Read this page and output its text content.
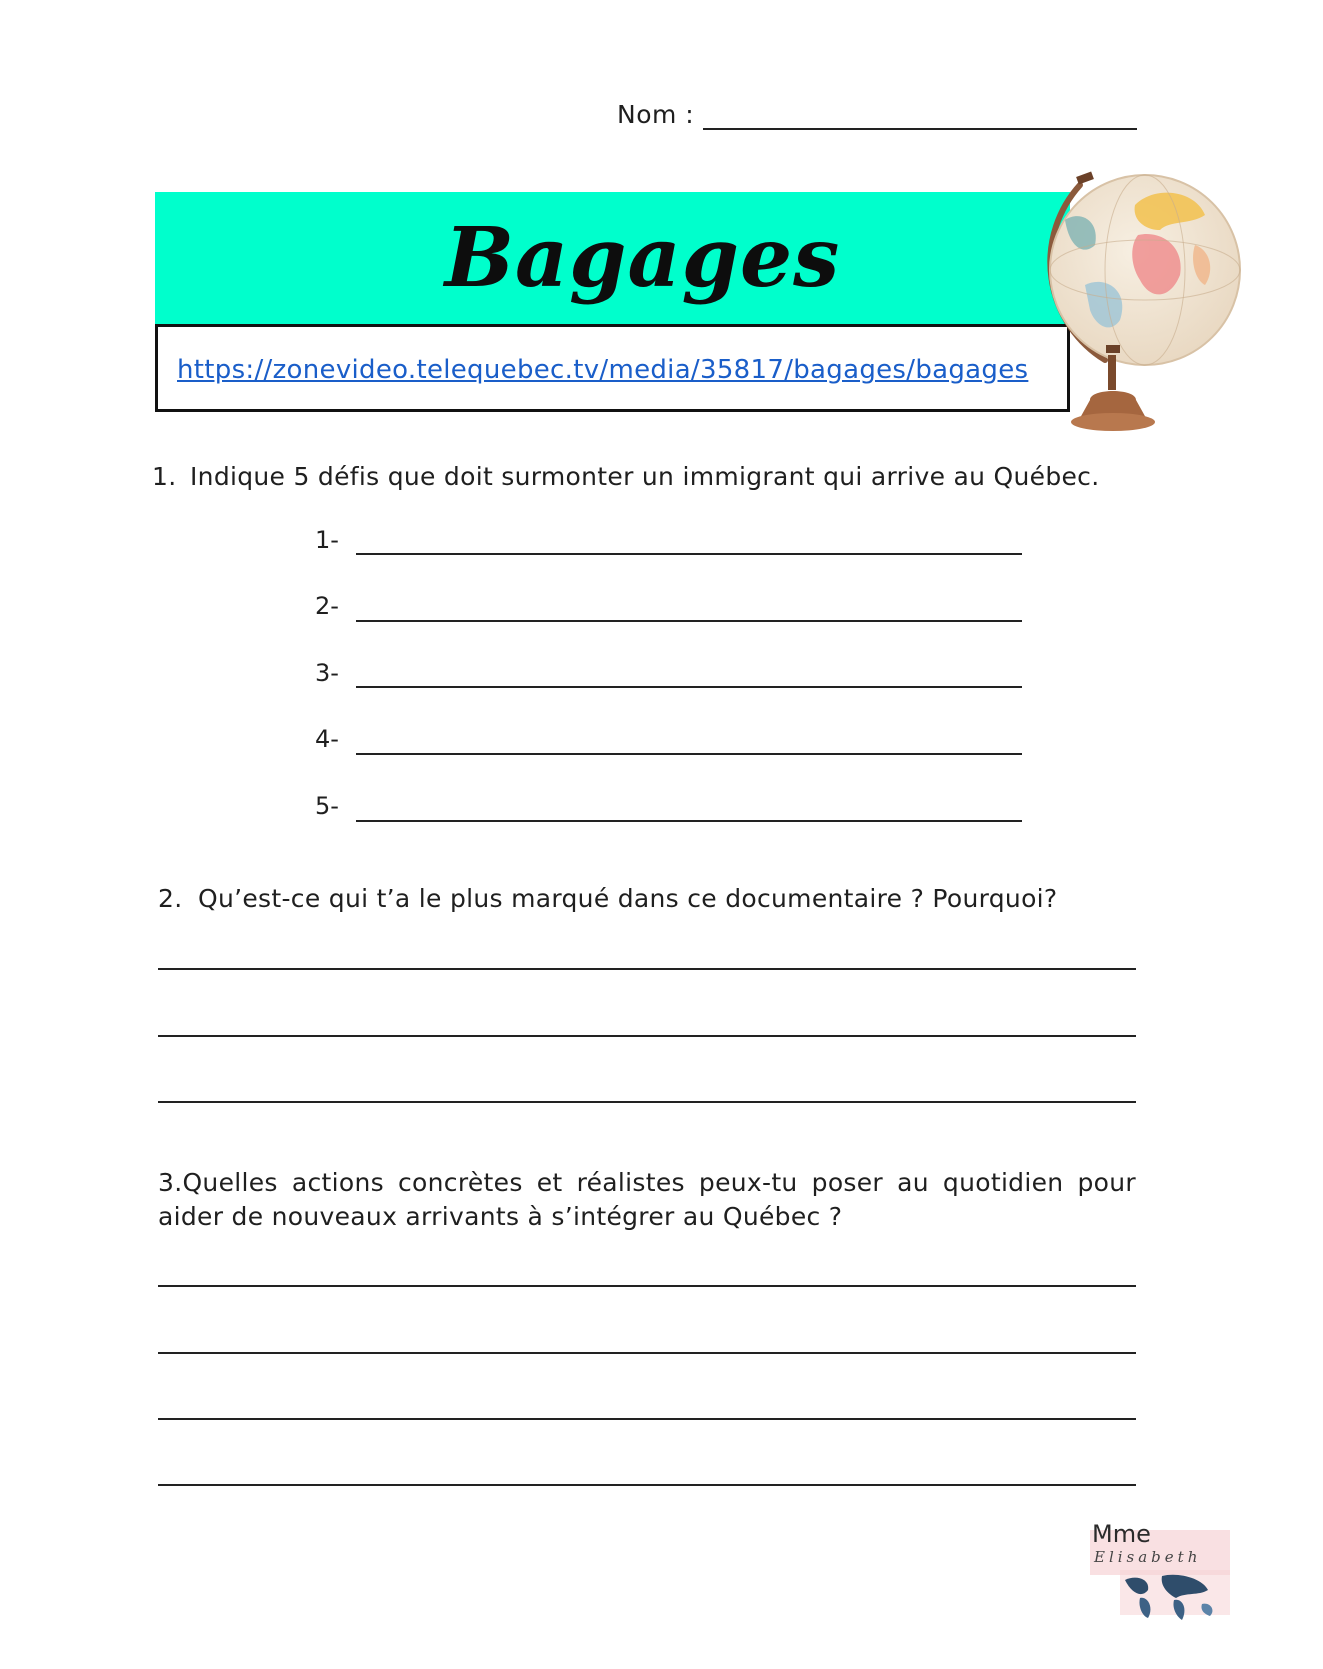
Nom :
Bagages
https://zonevideo.telequebec.tv/media/35817/bagages/bagages
1. Indique 5 défis que doit surmonter un immigrant qui arrive au Québec.
1-
2-
3-
4-
5-
2. Qu’est-ce qui t’a le plus marqué dans ce documentaire ? Pourquoi?
3.Quelles actions concrètes et réalistes peux-tu poser au quotidien pour aider de nouveaux arrivants à s’intégrer au Québec ?
Mme
Elisabeth
